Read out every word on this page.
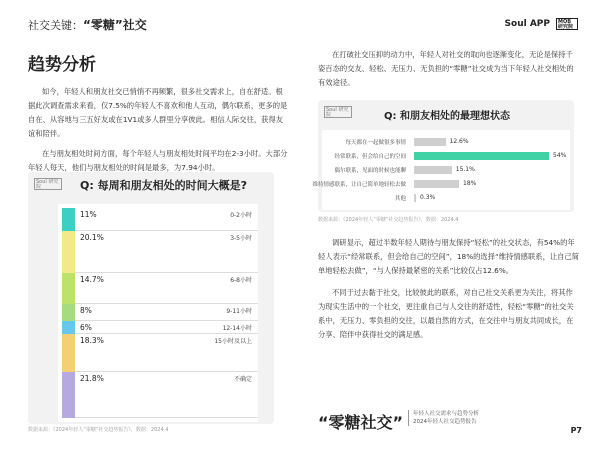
社交关键：“零糖”社交	Soul APP	MOB 研究院
趋势分析

如今，年轻人和朋友社交已悄悄不再频繁，很多社交需求上，自在舒适。根据此次调查需求来看，仅7.5%的年轻人不喜欢和他人互动，偶尔联系，更多的是自在、从容地与三五好友或在1V1或多人群里分享彼此。相信人际交往，获得友谊和陪伴。

在与朋友相处时间方面，每个年轻人与朋友相处时间平均在2-3小时。大部分年轻人每天，他们与朋友相处的时间是最多，为7.94小时。

Soul 研究院	Q: 每周和朋友相处的时间大概是?
11%	0-2小时
20.1%	3-5小时
14.7%	6-8小时
8%	9-11小时
6%	12-14小时
18.3%	15小时及以上
21.8%	不确定
数据来源：《2024年轻人“零糖”社交趋势报告》，数据：2024.4

在打破社交压抑的动力中，年轻人对社交的取向也逐渐变化，无论是保持千姿百态的交友、轻松、无压力、无负担的“零糖”社交成为当下年轻人社交相处的有效途径。

Soul 研究院	Q: 和朋友相处的最理想状态
每天都在一起做很多事情	12.6%
经常联系，但会给自己的空间	54%
偶尔联系，见面的时候也能聊	15.1%
维持情感联系，让自己简单地轻松去做	18%
其他 0.3%
数据来源：《2024年轻人“零糖”社交趋势报告》，数据：2024.4

调研显示，超过半数年轻人期待与朋友保持“轻松”的社交状态，有54%的年轻人表示“经常联系，但会给自己的空间”，18%的选择“维持情感联系，让自己简单地轻松去做”，“与人保持最紧密的关系”比较仅占12.6%。

不同于过去黏于社交，比较彼此的联系，对自己社交关系更为关注，将其作为现实生活中的一个社交，更注重自己与人交往的舒适性，轻松“零糖”的社交关系中，无压力、零负担的交往，以最自然的方式，在交往中与朋友共同成长，在分享、陪伴中获得社交的满足感。

“零糖社交” 年轻人社交需求与趋势分析
2024年轻人社交趋势报告
P7
